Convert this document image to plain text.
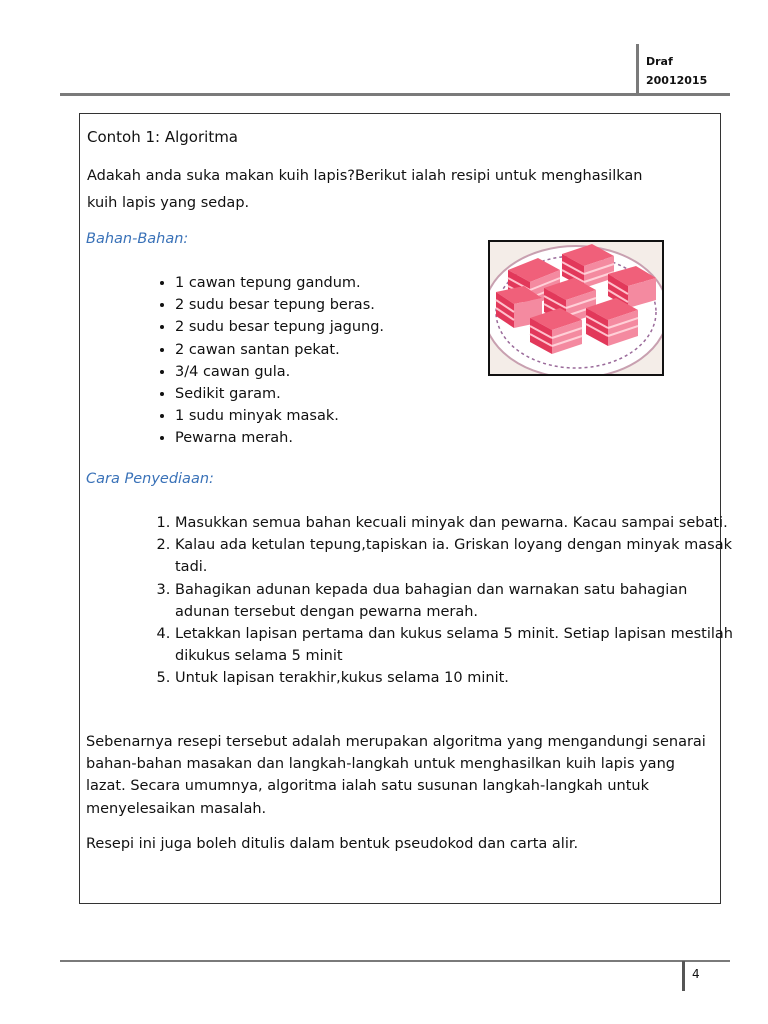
Draf
20012015
Contoh 1: Algoritma
Adakah anda suka makan kuih lapis?Berikut ialah resipi untuk menghasilkan kuih lapis yang sedap.
Bahan-Bahan:
• 1 cawan tepung gandum.
• 2 sudu besar tepung beras.
• 2 sudu besar tepung jagung.
• 2 cawan santan pekat.
• 3/4 cawan gula.
• Sedikit garam.
• 1 sudu minyak masak.
• Pewarna merah.
Cara Penyediaan:
1. Masukkan semua bahan kecuali minyak dan pewarna. Kacau sampai sebati.
2. Kalau ada ketulan tepung,tapiskan ia. Griskan loyang dengan minyak masak tadi.
3. Bahagikan adunan kepada dua bahagian dan warnakan satu bahagian adunan tersebut dengan pewarna merah.
4. Letakkan lapisan pertama dan kukus selama 5 minit. Setiap lapisan mestilah dikukus selama 5 minit
5. Untuk lapisan terakhir,kukus selama 10 minit.
Sebenarnya resepi tersebut adalah merupakan algoritma yang mengandungi senarai bahan-bahan masakan dan langkah-langkah untuk menghasilkan kuih lapis yang lazat. Secara umumnya, algoritma ialah satu susunan langkah-langkah untuk menyelesaikan masalah.
Resepi ini juga boleh ditulis dalam bentuk pseudokod dan carta alir.
4
